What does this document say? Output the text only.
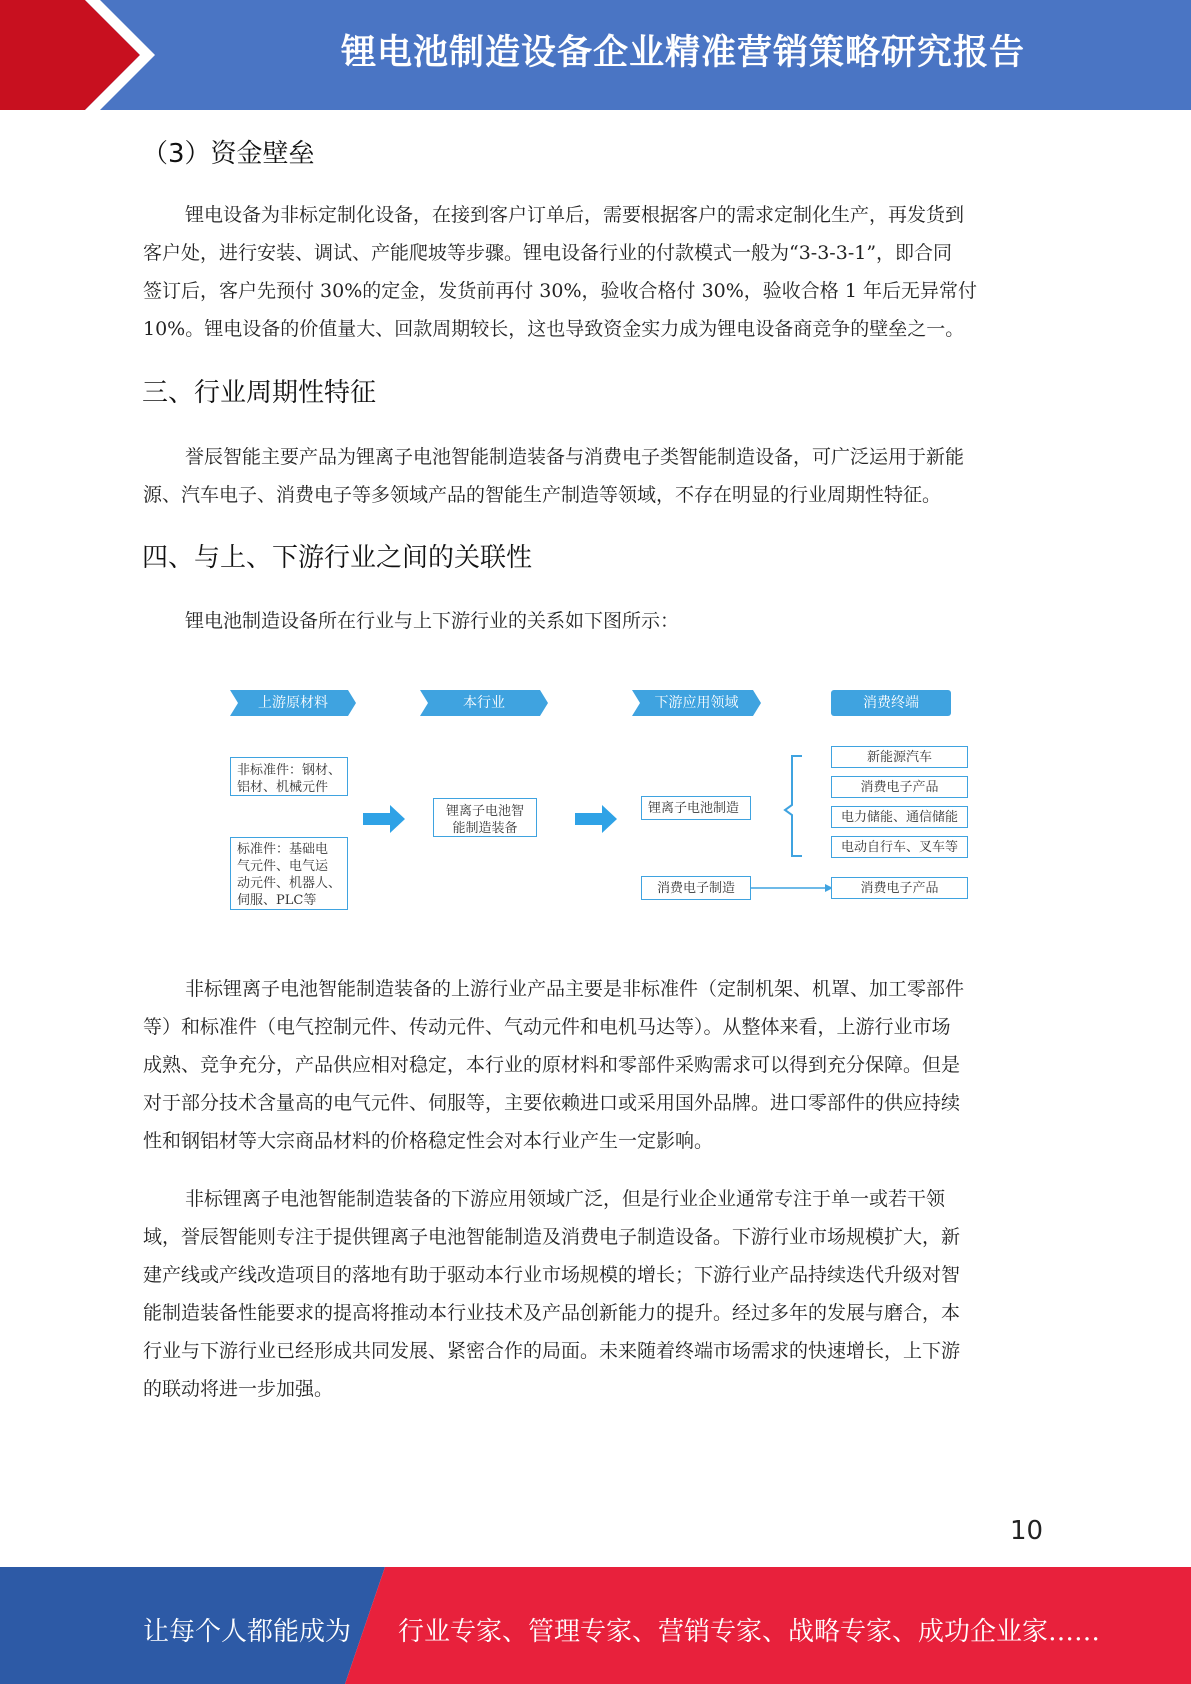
锂电池制造设备企业精准营销策略研究报告
（3）资金壁垒
锂电设备为非标定制化设备，在接到客户订单后，需要根据客户的需求定制化生产，再发货到
客户处，进行安装、调试、产能爬坡等步骤。锂电设备行业的付款模式一般为“3-3-3-1”，即合同
签订后，客户先预付 30%的定金，发货前再付 30%，验收合格付 30%，验收合格 1 年后无异常付
10%。锂电设备的价值量大、回款周期较长，这也导致资金实力成为锂电设备商竞争的壁垒之一。
三、行业周期性特征
誉辰智能主要产品为锂离子电池智能制造装备与消费电子类智能制造设备，可广泛运用于新能
源、汽车电子、消费电子等多领域产品的智能生产制造等领域，不存在明显的行业周期性特征。
四、与上、下游行业之间的关联性
锂电池制造设备所在行业与上下游行业的关系如下图所示：
上游原材料	本行业	下游应用领域	消费终端
非标准件：钢材、
铝材、机械元件
标准件：基础电
气元件、电气运
动元件、机器人、
伺服、PLC等
锂离子电池智
能制造装备
锂离子电池制造
消费电子制造
新能源汽车
消费电子产品
电力储能、通信储能
电动自行车、叉车等
消费电子产品
非标锂离子电池智能制造装备的上游行业产品主要是非标准件（定制机架、机罩、加工零部件
等）和标准件（电气控制元件、传动元件、气动元件和电机马达等）。从整体来看，上游行业市场
成熟、竞争充分，产品供应相对稳定，本行业的原材料和零部件采购需求可以得到充分保障。但是
对于部分技术含量高的电气元件、伺服等，主要依赖进口或采用国外品牌。进口零部件的供应持续
性和钢铝材等大宗商品材料的价格稳定性会对本行业产生一定影响。
非标锂离子电池智能制造装备的下游应用领域广泛，但是行业企业通常专注于单一或若干领
域，誉辰智能则专注于提供锂离子电池智能制造及消费电子制造设备。下游行业市场规模扩大，新
建产线或产线改造项目的落地有助于驱动本行业市场规模的增长；下游行业产品持续迭代升级对智
能制造装备性能要求的提高将推动本行业技术及产品创新能力的提升。经过多年的发展与磨合，本
行业与下游行业已经形成共同发展、紧密合作的局面。未来随着终端市场需求的快速增长，上下游
的联动将进一步加强。
10
让每个人都能成为 行业专家、管理专家、营销专家、战略专家、成功企业家……
